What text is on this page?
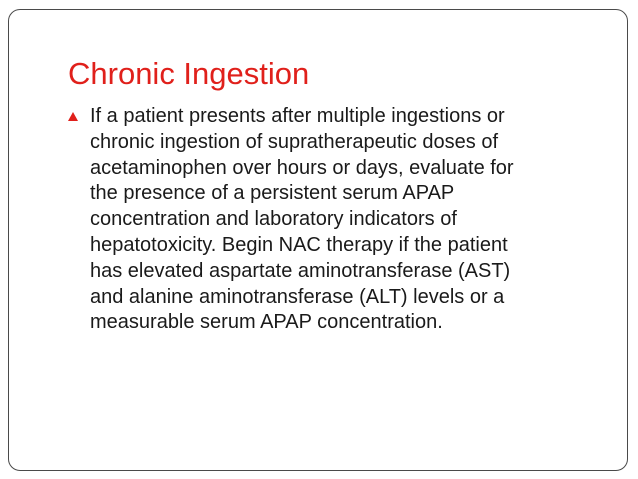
Chronic Ingestion
If a patient presents after multiple ingestions or
chronic ingestion of supratherapeutic doses of
acetaminophen over hours or days, evaluate for
the presence of a persistent serum APAP
concentration and laboratory indicators of
hepatotoxicity. Begin NAC therapy if the patient
has elevated aspartate aminotransferase (AST)
and alanine aminotransferase (ALT) levels or a
measurable serum APAP concentration.
